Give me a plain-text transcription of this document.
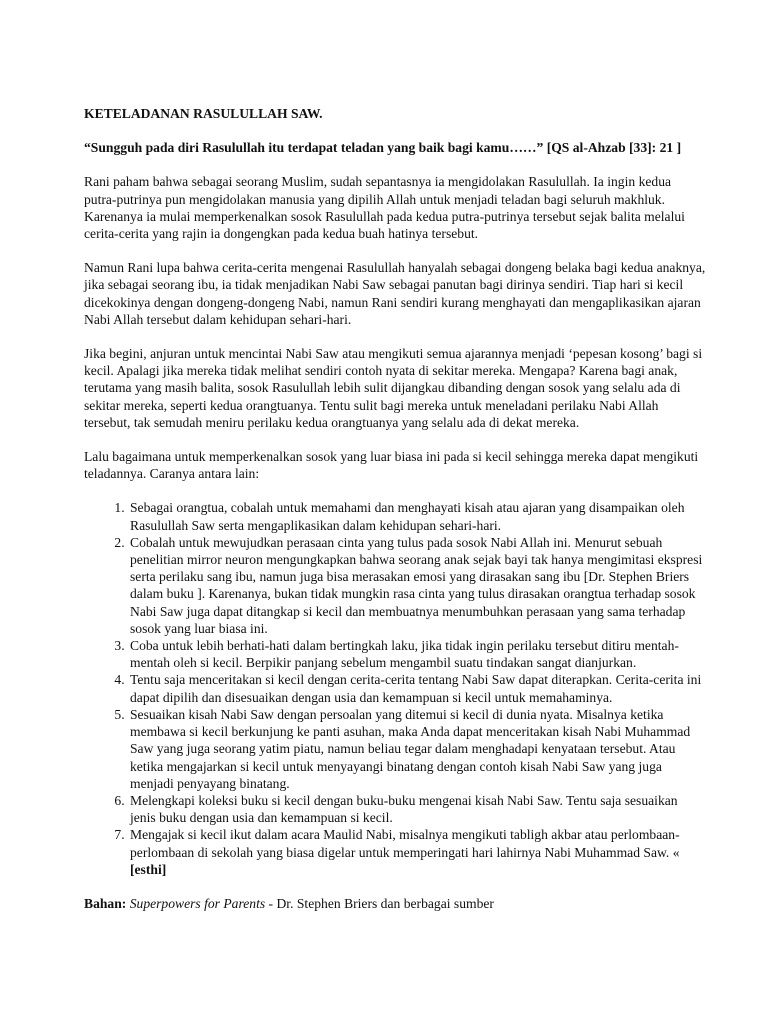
KETELADANAN RASULULLAH SAW.
“Sungguh pada diri Rasulullah itu terdapat teladan yang baik bagi kamu……” [QS al-Ahzab [33]: 21 ]

Rani paham bahwa sebagai seorang Muslim, sudah sepantasnya ia mengidolakan Rasulullah. Ia ingin kedua putra-putrinya pun mengidolakan manusia yang dipilih Allah untuk menjadi teladan bagi seluruh makhluk. Karenanya ia mulai memperkenalkan sosok Rasulullah pada kedua putra-putrinya tersebut sejak balita melalui cerita-cerita yang rajin ia dongengkan pada kedua buah hatinya tersebut.

Namun Rani lupa bahwa cerita-cerita mengenai Rasulullah hanyalah sebagai dongeng belaka bagi kedua anaknya, jika sebagai seorang ibu, ia tidak menjadikan Nabi Saw sebagai panutan bagi dirinya sendiri. Tiap hari si kecil dicekokinya dengan dongeng-dongeng Nabi, namun Rani sendiri kurang menghayati dan mengaplikasikan ajaran Nabi Allah tersebut dalam kehidupan sehari-hari.

Jika begini, anjuran untuk mencintai Nabi Saw atau mengikuti semua ajarannya menjadi ‘pepesan kosong’ bagi si kecil. Apalagi jika mereka tidak melihat sendiri contoh nyata di sekitar mereka. Mengapa? Karena bagi anak, terutama yang masih balita, sosok Rasulullah lebih sulit dijangkau dibanding dengan sosok yang selalu ada di sekitar mereka, seperti kedua orangtuanya. Tentu sulit bagi mereka untuk meneladani perilaku Nabi Allah tersebut, tak semudah meniru perilaku kedua orangtuanya yang selalu ada di dekat mereka.

Lalu bagaimana untuk memperkenalkan sosok yang luar biasa ini pada si kecil sehingga mereka dapat mengikuti teladannya. Caranya antara lain:

1. Sebagai orangtua, cobalah untuk memahami dan menghayati kisah atau ajaran yang disampaikan oleh Rasulullah Saw serta mengaplikasikan dalam kehidupan sehari-hari.
2. Cobalah untuk mewujudkan perasaan cinta yang tulus pada sosok Nabi Allah ini. Menurut sebuah penelitian mirror neuron mengungkapkan bahwa seorang anak sejak bayi tak hanya mengimitasi ekspresi serta perilaku sang ibu, namun juga bisa merasakan emosi yang dirasakan sang ibu [Dr. Stephen Briers dalam buku ]. Karenanya, bukan tidak mungkin rasa cinta yang tulus dirasakan orangtua terhadap sosok Nabi Saw juga dapat ditangkap si kecil dan membuatnya menumbuhkan perasaan yang sama terhadap sosok yang luar biasa ini.
3. Coba untuk lebih berhati-hati dalam bertingkah laku, jika tidak ingin perilaku tersebut ditiru mentah-mentah oleh si kecil. Berpikir panjang sebelum mengambil suatu tindakan sangat dianjurkan.
4. Tentu saja menceritakan si kecil dengan cerita-cerita tentang Nabi Saw dapat diterapkan. Cerita-cerita ini dapat dipilih dan disesuaikan dengan usia dan kemampuan si kecil untuk memahaminya.
5. Sesuaikan kisah Nabi Saw dengan persoalan yang ditemui si kecil di dunia nyata. Misalnya ketika membawa si kecil berkunjung ke panti asuhan, maka Anda dapat menceritakan kisah Nabi Muhammad Saw yang juga seorang yatim piatu, namun beliau tegar dalam menghadapi kenyataan tersebut. Atau ketika mengajarkan si kecil untuk menyayangi binatang dengan contoh kisah Nabi Saw yang juga menjadi penyayang binatang.
6. Melengkapi koleksi buku si kecil dengan buku-buku mengenai kisah Nabi Saw. Tentu saja sesuaikan jenis buku dengan usia dan kemampuan si kecil.
7. Mengajak si kecil ikut dalam acara Maulid Nabi, misalnya mengikuti tabligh akbar atau perlombaan-perlombaan di sekolah yang biasa digelar untuk memperingati hari lahirnya Nabi Muhammad Saw. « [esthi]
Bahan: Superpowers for Parents - Dr. Stephen Briers dan berbagai sumber
